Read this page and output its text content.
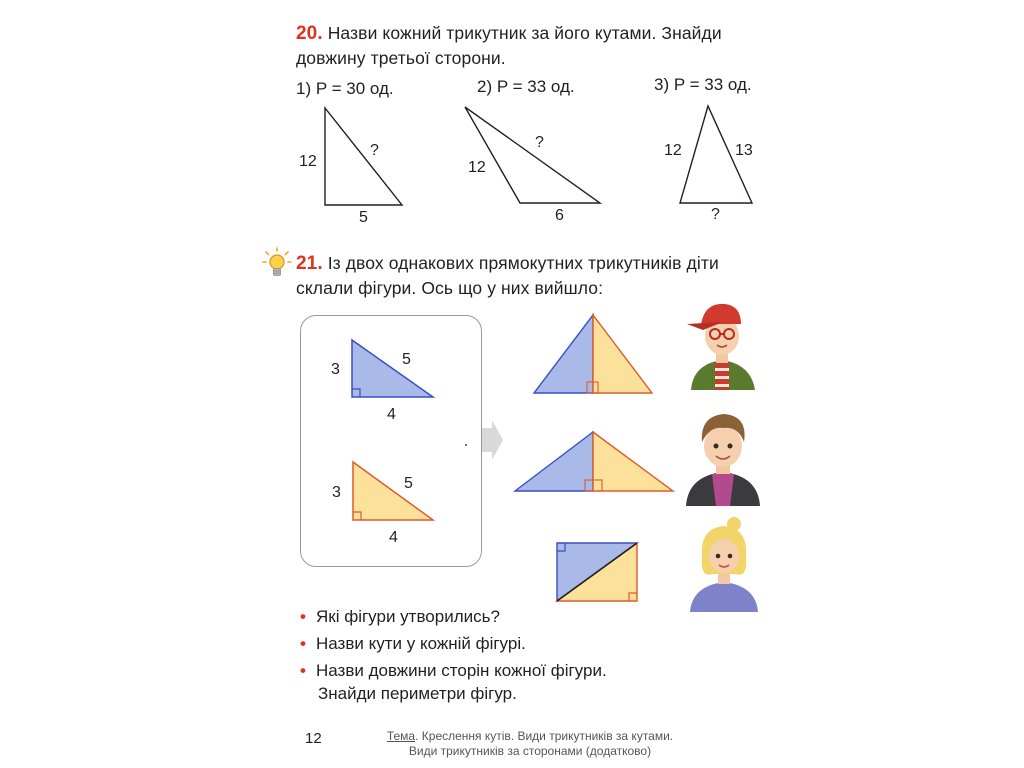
20. Назви кожний трикутник за його кутами. Знайди
довжину третьої сторони.
1) P = 30 од.	2) P = 33 од.	3) P = 33 од.
12
?
5
12
?
6
12	13
?
21. Із двох однакових прямокутних трикутників діти
склали фігури. Ось що у них вийшло:
3
5
4
3
5
4
• Які фігури утворились?
• Назви кути у кожній фігурі.
• Назви довжини сторін кожної фігури.
Знайди периметри фігур.
12	Тема. Креслення кутів. Види трикутників за кутами.
Види трикутників за сторонами (додатково)
